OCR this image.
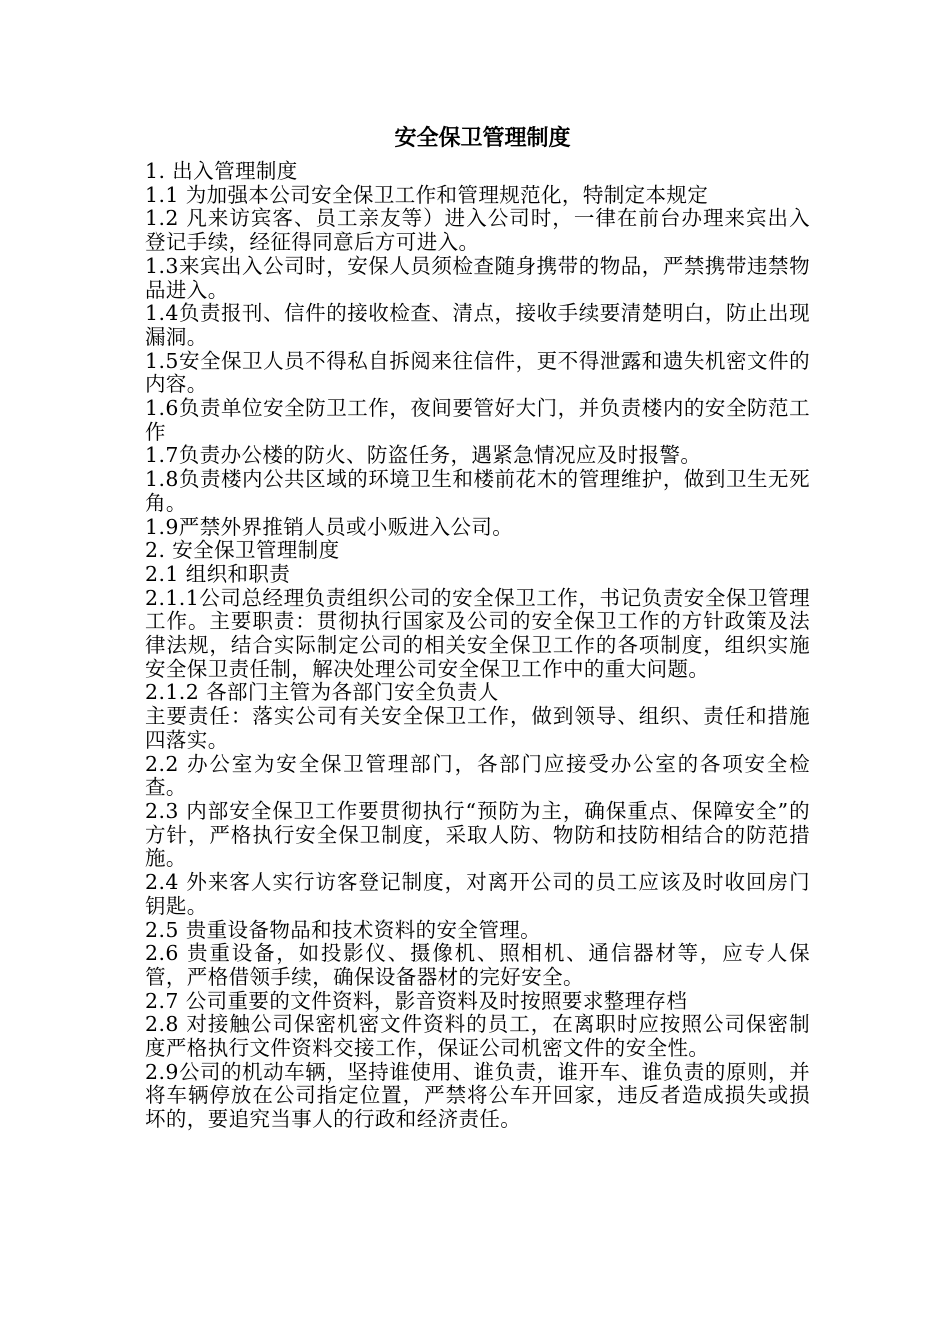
安全保卫管理制度

1. 出入管理制度

1.1 为加强本公司安全保卫工作和管理规范化，特制定本规定

1.2 凡来访宾客、员工亲友等）进入公司时，一律在前台办理来宾出入登记手续，经征得同意后方可进入。

1.3来宾出入公司时，安保人员须检查随身携带的物品，严禁携带违禁物品进入。

1.4负责报刊、信件的接收检查、清点，接收手续要清楚明白，防止出现漏洞。

1.5安全保卫人员不得私自拆阅来往信件，更不得泄露和遗失机密文件的内容。

1.6负责单位安全防卫工作，夜间要管好大门，并负责楼内的安全防范工作

1.7负责办公楼的防火、防盗任务，遇紧急情况应及时报警。

1.8负责楼内公共区域的环境卫生和楼前花木的管理维护，做到卫生无死角。

1.9严禁外界推销人员或小贩进入公司。

2. 安全保卫管理制度

2.1 组织和职责

2.1.1公司总经理负责组织公司的安全保卫工作，书记负责安全保卫管理工作。主要职责：贯彻执行国家及公司的安全保卫工作的方针政策及法律法规，结合实际制定公司的相关安全保卫工作的各项制度，组织实施安全保卫责任制，解决处理公司安全保卫工作中的重大问题。

2.1.2 各部门主管为各部门安全负责人

主要责任：落实公司有关安全保卫工作，做到领导、组织、责任和措施四落实。

2.2 办公室为安全保卫管理部门，各部门应接受办公室的各项安全检查。

2.3 内部安全保卫工作要贯彻执行“预防为主，确保重点、保障安全”的方针，严格执行安全保卫制度，采取人防、物防和技防相结合的防范措施。

2.4 外来客人实行访客登记制度，对离开公司的员工应该及时收回房门钥匙。

2.5 贵重设备物品和技术资料的安全管理。

2.6 贵重设备，如投影仪、摄像机、照相机、通信器材等，应专人保管，严格借领手续，确保设备器材的完好安全。

2.7 公司重要的文件资料，影音资料及时按照要求整理存档

2.8 对接触公司保密机密文件资料的员工，在离职时应按照公司保密制度严格执行文件资料交接工作，保证公司机密文件的安全性。

2.9公司的机动车辆，坚持谁使用、谁负责，谁开车、谁负责的原则，并将车辆停放在公司指定位置，严禁将公车开回家，违反者造成损失或损坏的，要追究当事人的行政和经济责任。
